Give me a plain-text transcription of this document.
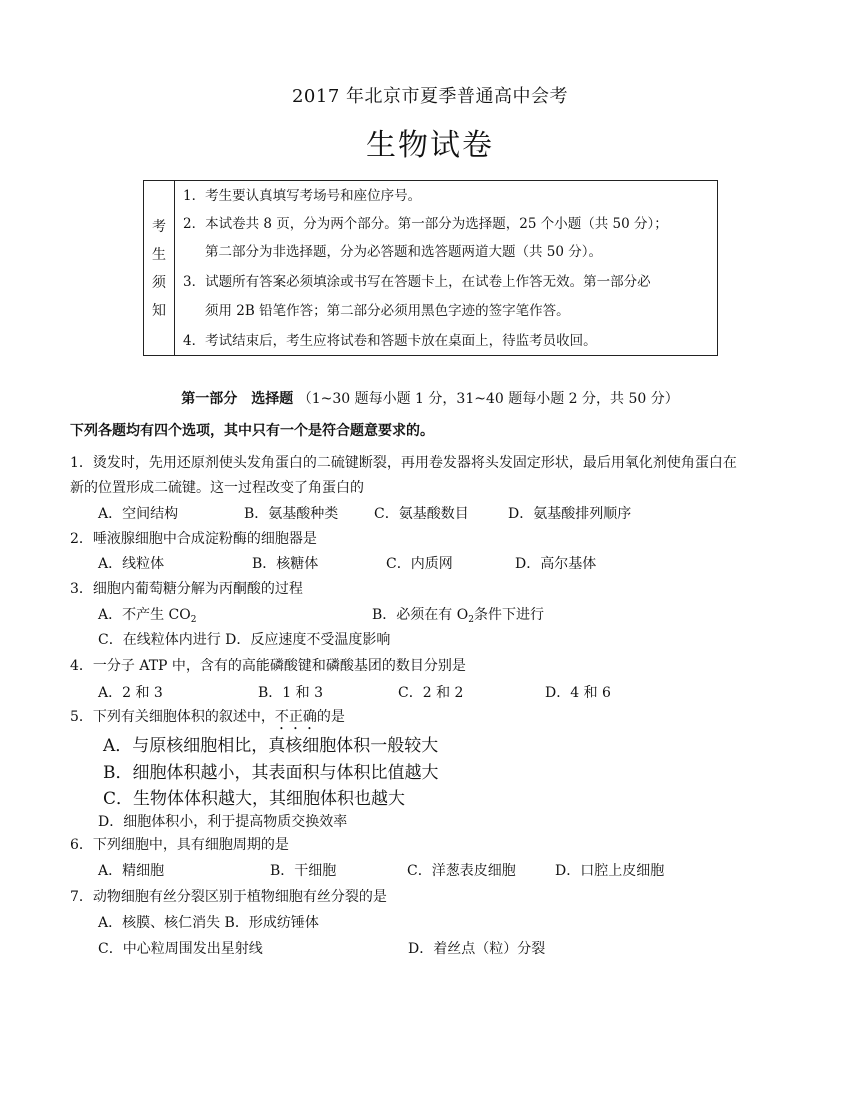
2017 年北京市夏季普通高中会考
生物试卷
考
生
须
知
1．考生要认真填写考场号和座位序号。
2．本试卷共 8 页，分为两个部分。第一部分为选择题，25 个小题（共 50 分）；
第二部分为非选择题，分为必答题和选答题两道大题（共 50 分）。
3．试题所有答案必须填涂或书写在答题卡上，在试卷上作答无效。第一部分必
须用 2B 铅笔作答；第二部分必须用黑色字迹的签字笔作答。
4．考试结束后，考生应将试卷和答题卡放在桌面上，待监考员收回。
第一部分　选择题 （1~30 题每小题 1 分，31~40 题每小题 2 分，共 50 分）
下列各题均有四个选项，其中只有一个是符合题意要求的。
1．烫发时，先用还原剂使头发角蛋白的二硫键断裂，再用卷发器将头发固定形状，最后用氧化剂使角蛋白在
新的位置形成二硫键。这一过程改变了角蛋白的
A．空间结构	B．氨基酸种类	C．氨基酸数目	D．氨基酸排列顺序
2．唾液腺细胞中合成淀粉酶的细胞器是
A．线粒体	B．核糖体	C．内质网	D．高尔基体
3．细胞内葡萄糖分解为丙酮酸的过程
A．不产生 $CO_2$	B．必须在有 $O_2$条件下进行
C．在线粒体内进行 D．反应速度不受温度影响
4．一分子 ATP 中，含有的高能磷酸键和磷酸基团的数目分别是
A．2 和 3	B．1 和 3	C．2 和 2	D．4 和 6
5．下列有关细胞体积的叙述中，不正确的是
A．与原核细胞相比，真核细胞体积一般较大
B．细胞体积越小，其表面积与体积比值越大
C．生物体体积越大，其细胞体积也越大
D．细胞体积小，利于提高物质交换效率
6．下列细胞中，具有细胞周期的是
A．精细胞	B．干细胞	C．洋葱表皮细胞	D．口腔上皮细胞
7．动物细胞有丝分裂区别于植物细胞有丝分裂的是
A．核膜、核仁消失 B．形成纺锤体
C．中心粒周围发出星射线	D．着丝点（粒）分裂
